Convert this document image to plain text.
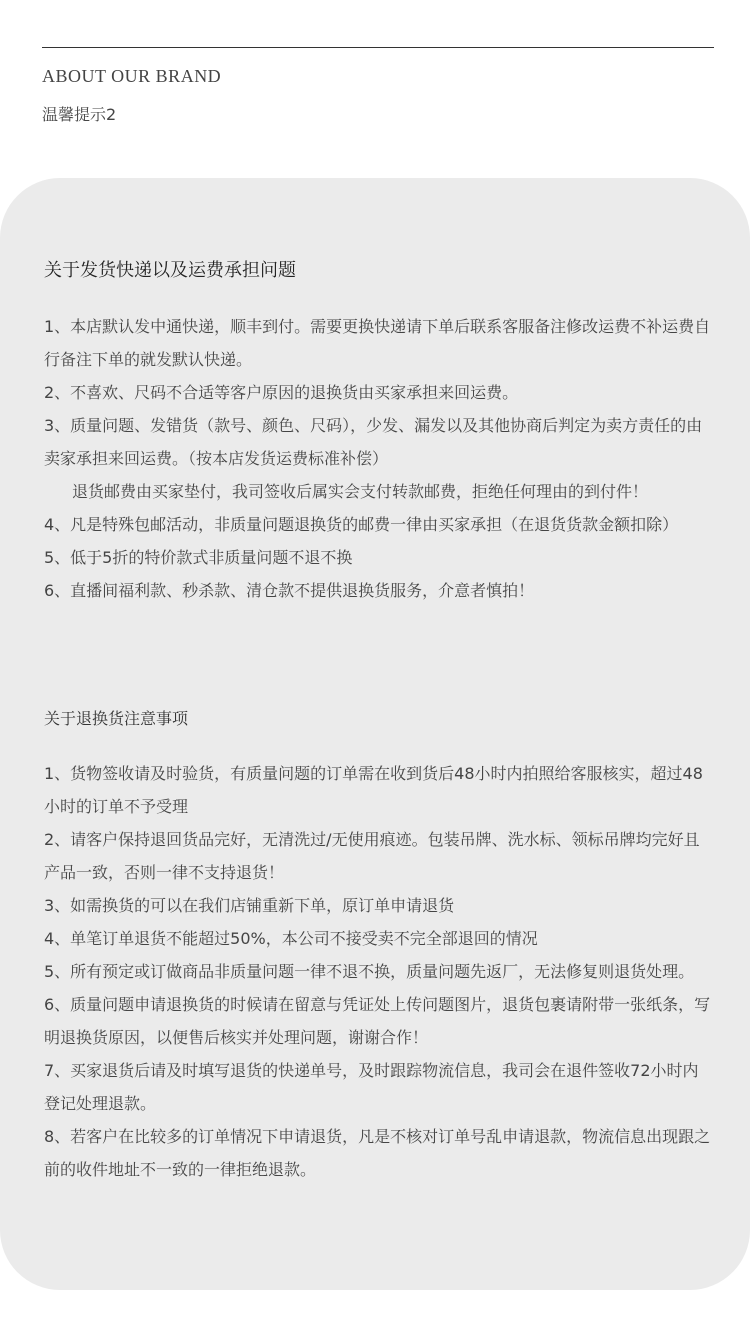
ABOUT OUR BRAND
温馨提示2
关于发货快递以及运费承担问题
1、本店默认发中通快递，顺丰到付。需要更换快递请下单后联系客服备注修改运费不补运费自行备注下单的就发默认快递。
2、不喜欢、尺码不合适等客户原因的退换货由买家承担来回运费。
3、质量问题、发错货（款号、颜色、尺码），少发、漏发以及其他协商后判定为卖方责任的由卖家承担来回运费。（按本店发货运费标准补偿）
退货邮费由买家垫付，我司签收后属实会支付转款邮费，拒绝任何理由的到付件！
4、凡是特殊包邮活动，非质量问题退换货的邮费一律由买家承担（在退货货款金额扣除）
5、低于5折的特价款式非质量问题不退不换
6、直播间福利款、秒杀款、清仓款不提供退换货服务，介意者慎拍！
关于退换货注意事项
1、货物签收请及时验货，有质量问题的订单需在收到货后48小时内拍照给客服核实，超过48小时的订单不予受理
2、请客户保持退回货品完好，无清洗过/无使用痕迹。包装吊牌、洗水标、领标吊牌均完好且产品一致，否则一律不支持退货！
3、如需换货的可以在我们店铺重新下单，原订单申请退货
4、单笔订单退货不能超过50%，本公司不接受卖不完全部退回的情况
5、所有预定或订做商品非质量问题一律不退不换，质量问题先返厂，无法修复则退货处理。
6、质量问题申请退换货的时候请在留意与凭证处上传问题图片，退货包裹请附带一张纸条，写明退换货原因，以便售后核实并处理问题，谢谢合作！
7、买家退货后请及时填写退货的快递单号，及时跟踪物流信息，我司会在退件签收72小时内登记处理退款。
8、若客户在比较多的订单情况下申请退货，凡是不核对订单号乱申请退款，物流信息出现跟之前的收件地址不一致的一律拒绝退款。
